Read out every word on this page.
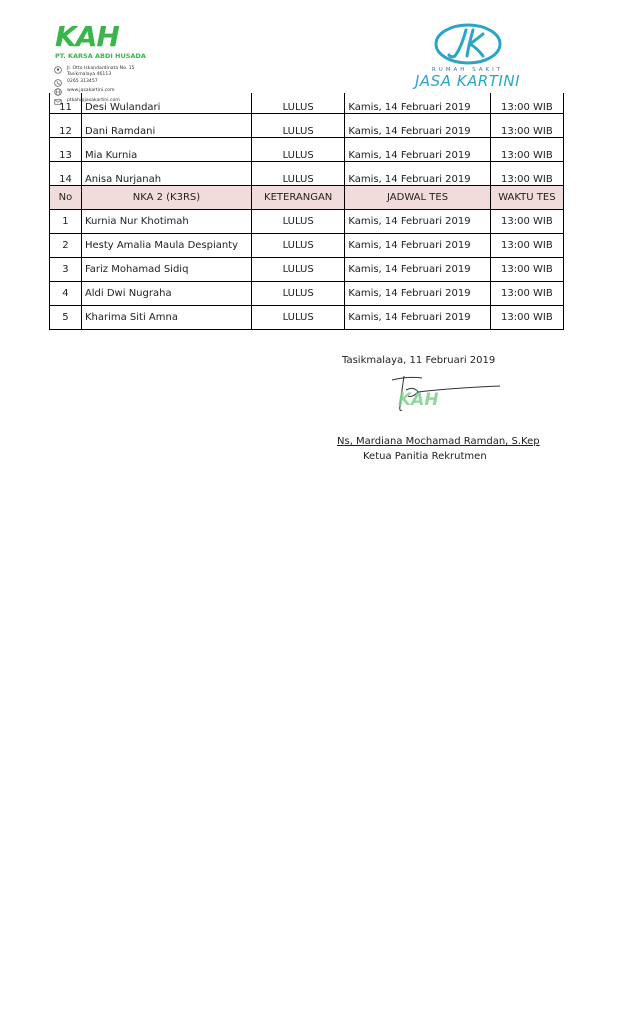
KAH
PT. KARSA ABDI HUSADA
Jl. Otto Iskandardinata No. 15
Tasikmalaya 46113
0265 313457
www.jasakartini.com
ptkah@jasakartini.com
RUMAH SAKIT
JASA KARTINI
11	Desi Wulandari	LULUS	Kamis, 14 Februari 2019	13:00 WIB
12	Dani Ramdani	LULUS	Kamis, 14 Februari 2019	13:00 WIB
13	Mia Kurnia	LULUS	Kamis, 14 Februari 2019	13:00 WIB
14	Anisa Nurjanah	LULUS	Kamis, 14 Februari 2019	13:00 WIB
No	NKA 2 (K3RS)	KETERANGAN	JADWAL TES	WAKTU TES
1	Kurnia Nur Khotimah	LULUS	Kamis, 14 Februari 2019	13:00 WIB
2	Hesty Amalia Maula Despianty	LULUS	Kamis, 14 Februari 2019	13:00 WIB
3	Fariz Mohamad Sidiq	LULUS	Kamis, 14 Februari 2019	13:00 WIB
4	Aldi Dwi Nugraha	LULUS	Kamis, 14 Februari 2019	13:00 WIB
5	Kharima Siti Amna	LULUS	Kamis, 14 Februari 2019	13:00 WIB
Tasikmalaya, 11 Februari 2019
KAH
Ns, Mardiana Mochamad Ramdan, S.Kep
Ketua Panitia Rekrutmen
